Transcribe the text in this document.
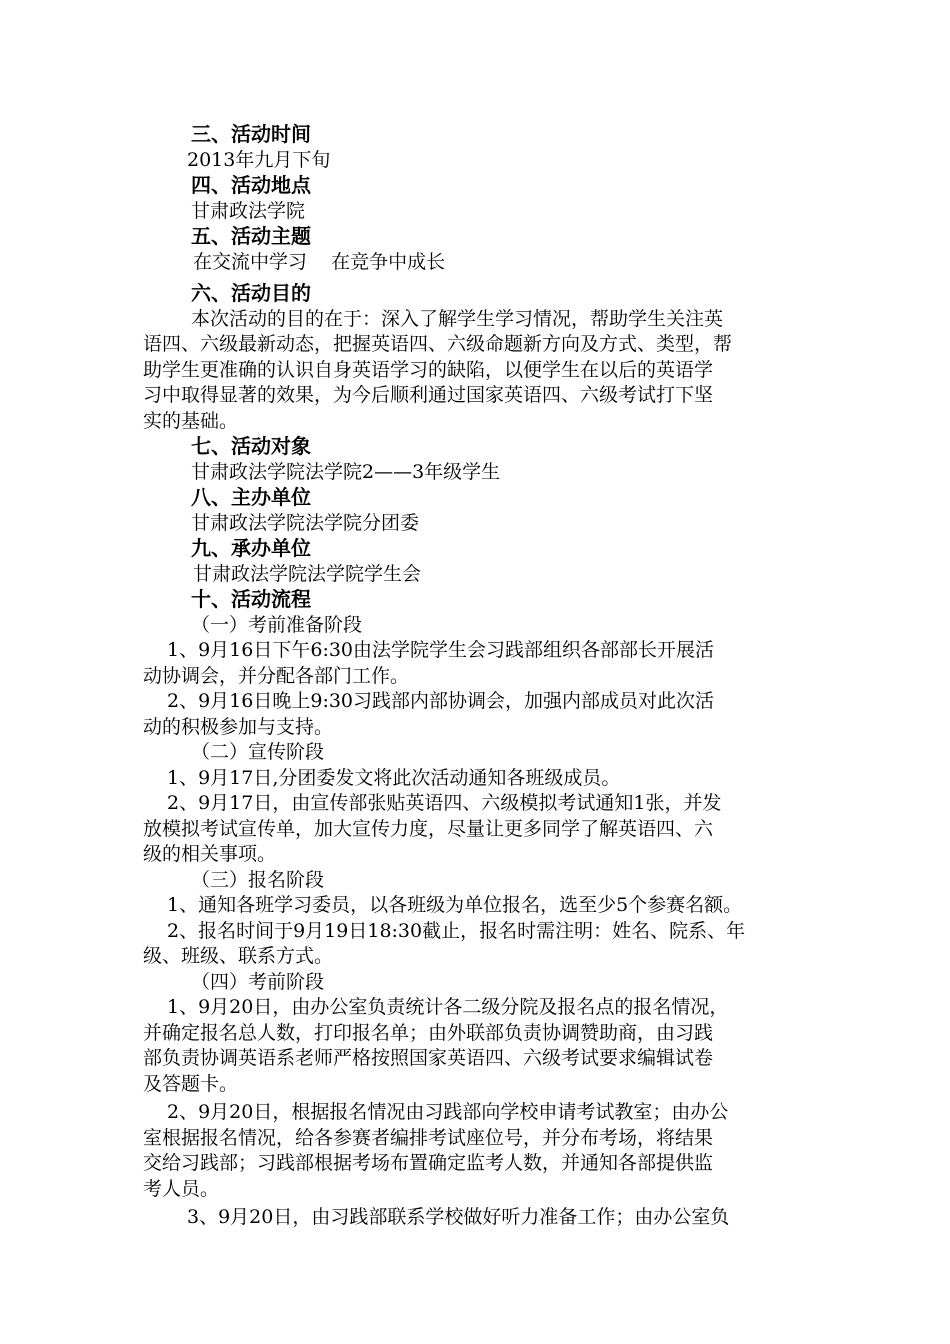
三、活动时间
2013年九月下旬
四、活动地点
甘肃政法学院
五、活动主题
在交流中学习    在竞争中成长
六、活动目的
本次活动的目的在于：深入了解学生学习情况，帮助学生关注英
语四、六级最新动态，把握英语四、六级命题新方向及方式、类型，帮
助学生更准确的认识自身英语学习的缺陷，以便学生在以后的英语学
习中取得显著的效果，为今后顺利通过国家英语四、六级考试打下坚
实的基础。
七、活动对象
甘肃政法学院法学院2——3年级学生
八、主办单位
甘肃政法学院法学院分团委
九、承办单位
甘肃政法学院法学院学生会
十、活动流程
（一）考前准备阶段
1、9月16日下午6:30由法学院学生会习践部组织各部部长开展活
动协调会，并分配各部门工作。
2、9月16日晚上9:30习践部内部协调会，加强内部成员对此次活
动的积极参加与支持。
（二）宣传阶段
1、9月17日,分团委发文将此次活动通知各班级成员。
2、9月17日，由宣传部张贴英语四、六级模拟考试通知1张，并发
放模拟考试宣传单，加大宣传力度，尽量让更多同学了解英语四、六
级的相关事项。
（三）报名阶段
1、通知各班学习委员，以各班级为单位报名，选至少5个参赛名额。
2、报名时间于9月19日18:30截止，报名时需注明：姓名、院系、年
级、班级、联系方式。
（四）考前阶段
1、9月20日，由办公室负责统计各二级分院及报名点的报名情况，
并确定报名总人数，打印报名单；由外联部负责协调赞助商，由习践
部负责协调英语系老师严格按照国家英语四、六级考试要求编辑试卷
及答题卡。
2、9月20日，根据报名情况由习践部向学校申请考试教室；由办公
室根据报名情况，给各参赛者编排考试座位号，并分布考场，将结果
交给习践部；习践部根据考场布置确定监考人数，并通知各部提供监
考人员。
3、9月20日，由习践部联系学校做好听力准备工作；由办公室负
